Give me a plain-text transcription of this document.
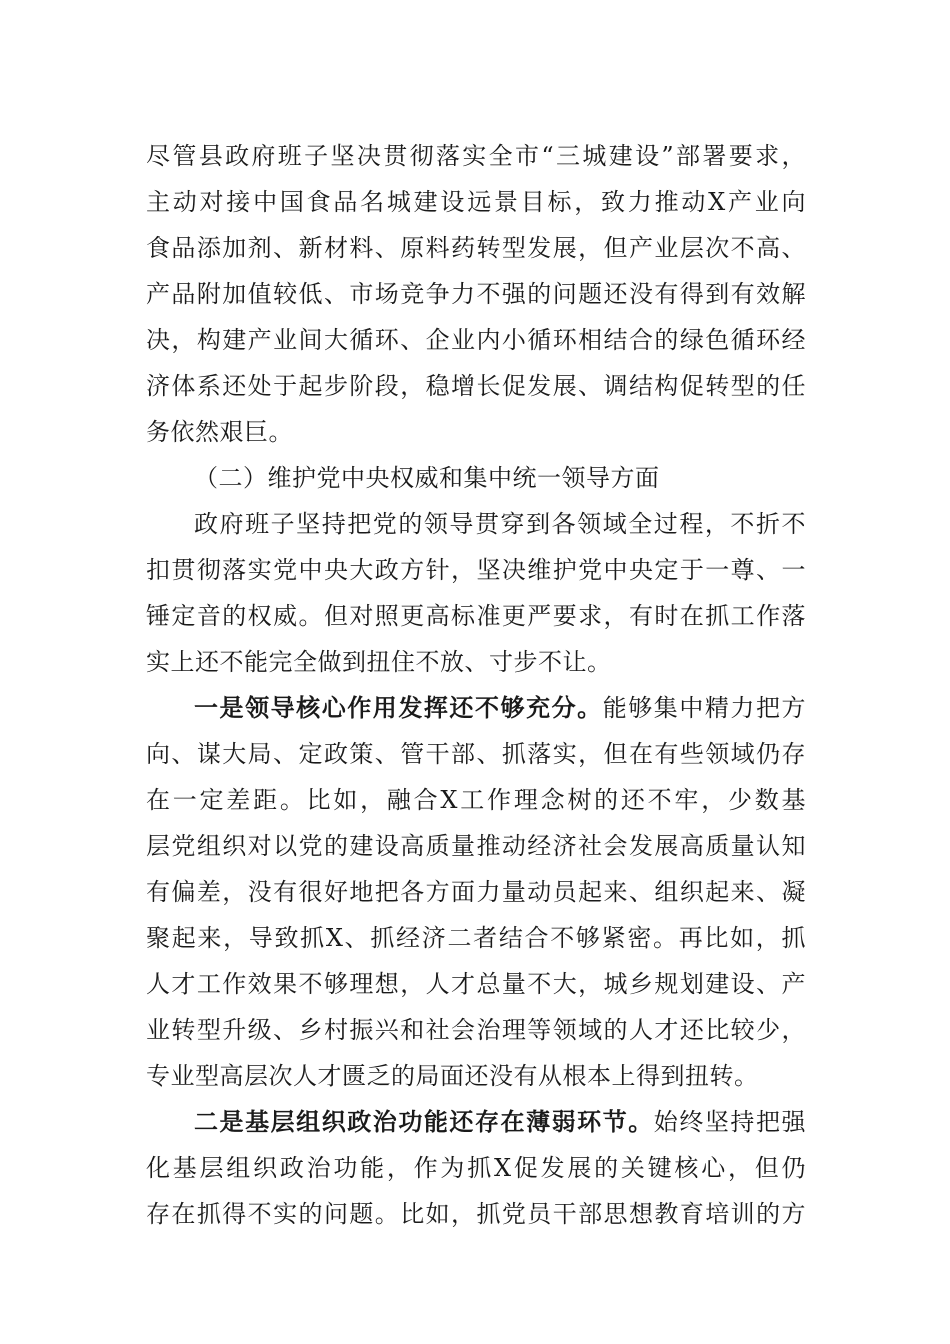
尽管县政府班子坚决贯彻落实全市“三城建设”部署要求，
主动对接中国食品名城建设远景目标，致力推动X产业向
食品添加剂、新材料、原料药转型发展，但产业层次不高、
产品附加值较低、市场竞争力不强的问题还没有得到有效解
决，构建产业间大循环、企业内小循环相结合的绿色循环经
济体系还处于起步阶段，稳增长促发展、调结构促转型的任
务依然艰巨。
（二）维护党中央权威和集中统一领导方面
政府班子坚持把党的领导贯穿到各领域全过程，不折不
扣贯彻落实党中央大政方针，坚决维护党中央定于一尊、一
锤定音的权威。但对照更高标准更严要求，有时在抓工作落
实上还不能完全做到扭住不放、寸步不让。
一是领导核心作用发挥还不够充分。能够集中精力把方
向、谋大局、定政策、管干部、抓落实，但在有些领域仍存
在一定差距。比如，融合X工作理念树的还不牢，少数基
层党组织对以党的建设高质量推动经济社会发展高质量认知
有偏差，没有很好地把各方面力量动员起来、组织起来、凝
聚起来，导致抓X、抓经济二者结合不够紧密。再比如，抓
人才工作效果不够理想，人才总量不大，城乡规划建设、产
业转型升级、乡村振兴和社会治理等领域的人才还比较少，
专业型高层次人才匮乏的局面还没有从根本上得到扭转。
二是基层组织政治功能还存在薄弱环节。始终坚持把强
化基层组织政治功能，作为抓X促发展的关键核心，但仍
存在抓得不实的问题。比如，抓党员干部思想教育培训的方
